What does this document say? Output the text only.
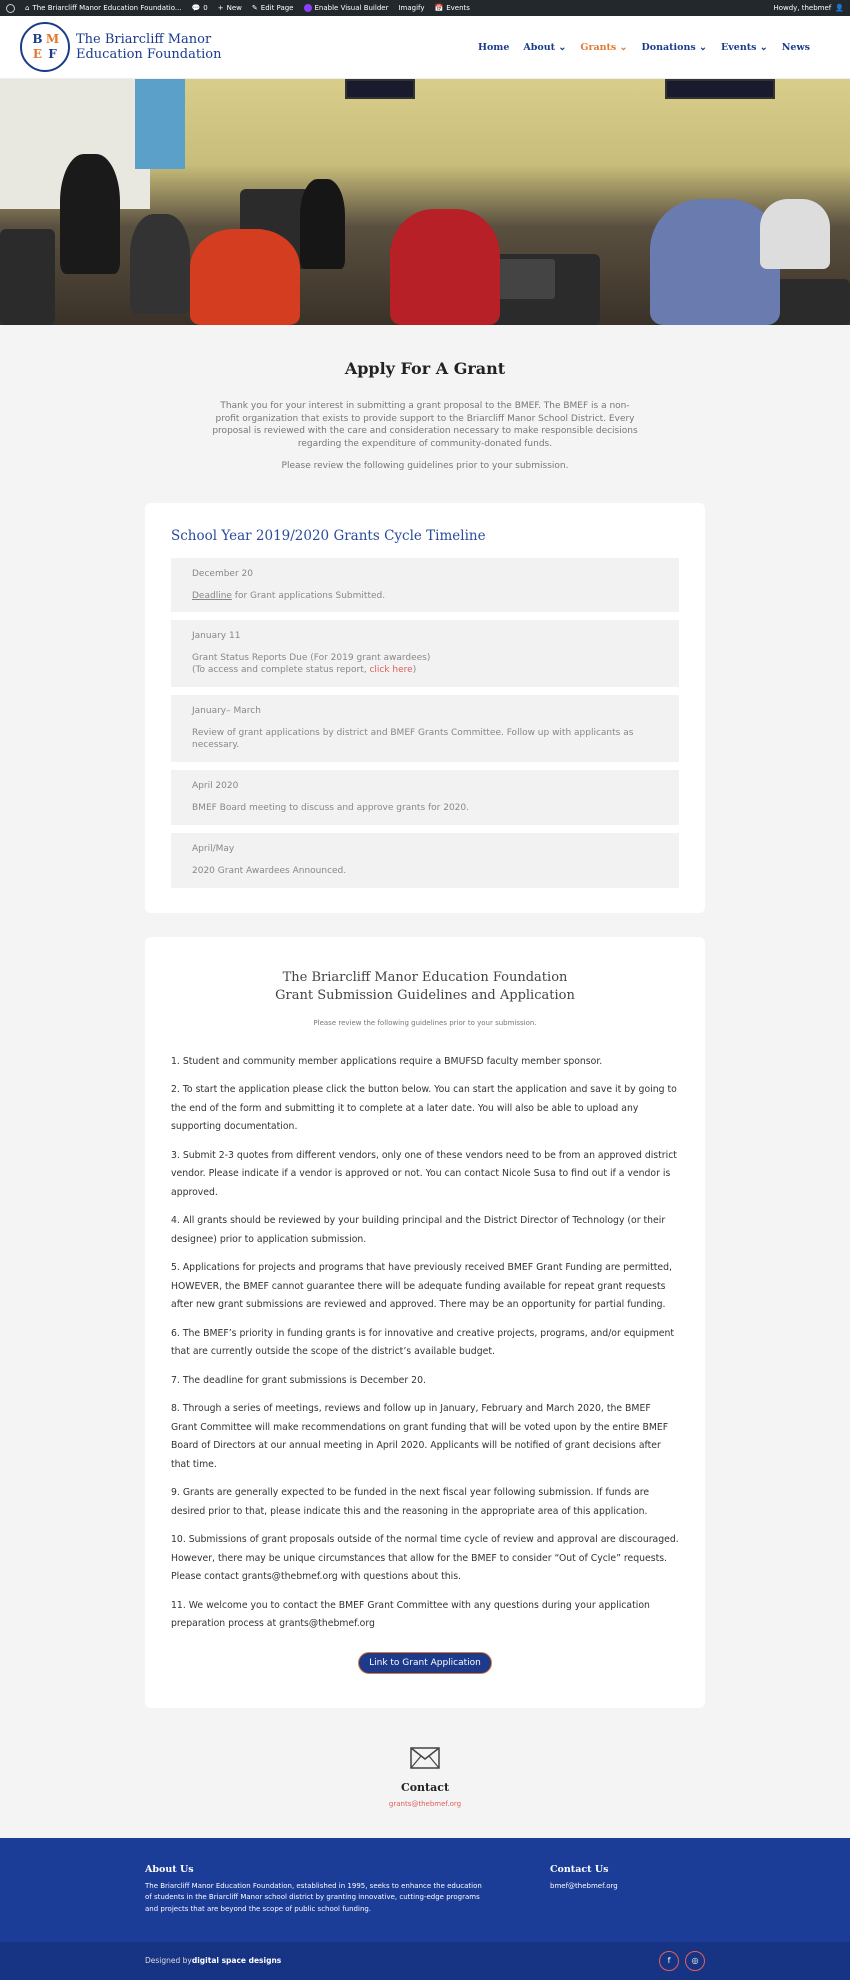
⌂ The Briarcliff Manor Education Foundatio... 💬 0 + New ✎ Edit Page	Enable Visual Builder Imagify 📅 Events	Howdy, thebmef 👤
B M
E F
The Briarcliff Manor
Education Foundation	Home About ⌄ Grants ⌄ Donations ⌄ Events ⌄ News
Apply For A Grant

Thank you for your interest in submitting a grant proposal to the BMEF. The BMEF is a non-profit organization that exists to provide support to the Briarcliff Manor School District. Every proposal is reviewed with the care and consideration necessary to make responsible decisions regarding the expenditure of community-donated funds.

Please review the following guidelines prior to your submission.

School Year 2019/2020 Grants Cycle Timeline
December 20
Deadline for Grant applications Submitted.
January 11
Grant Status Reports Due (For 2019 grant awardees)
(To access and complete status report, click here)
January– March
Review of grant applications by district and BMEF Grants Committee. Follow up with applicants as necessary.
April 2020
BMEF Board meeting to discuss and approve grants for 2020.
April/May
2020 Grant Awardees Announced.
The Briarcliff Manor Education Foundation
Grant Submission Guidelines and Application
Please review the following guidelines prior to your submission.
1. Student and community member applications require a BMUFSD faculty member sponsor.
2. To start the application please click the button below. You can start the application and save it by going to the end of the form and submitting it to complete at a later date. You will also be able to upload any supporting documentation.
3. Submit 2-3 quotes from different vendors, only one of these vendors need to be from an approved district vendor. Please indicate if a vendor is approved or not. You can contact Nicole Susa to find out if a vendor is approved.
4. All grants should be reviewed by your building principal and the District Director of Technology (or their designee) prior to application submission.
5. Applications for projects and programs that have previously received BMEF Grant Funding are permitted, HOWEVER, the BMEF cannot guarantee there will be adequate funding available for repeat grant requests after new grant submissions are reviewed and approved. There may be an opportunity for partial funding.
6. The BMEF’s priority in funding grants is for innovative and creative projects, programs, and/or equipment that are currently outside the scope of the district’s available budget.
7. The deadline for grant submissions is December 20.
8. Through a series of meetings, reviews and follow up in January, February and March 2020, the BMEF Grant Committee will make recommendations on grant funding that will be voted upon by the entire BMEF Board of Directors at our annual meeting in April 2020. Applicants will be notified of grant decisions after that time.
9. Grants are generally expected to be funded in the next fiscal year following submission. If funds are desired prior to that, please indicate this and the reasoning in the appropriate area of this application.
10. Submissions of grant proposals outside of the normal time cycle of review and approval are discouraged. However, there may be unique circumstances that allow for the BMEF to consider “Out of Cycle” requests. Please contact grants@thebmef.org with questions about this.
11. We welcome you to contact the BMEF Grant Committee with any questions during your application preparation process at grants@thebmef.org
Link to Grant Application
Contact
grants@thebmef.org
About Us

The Briarcliff Manor Education Foundation, established in 1995, seeks to enhance the education of students in the Briarcliff Manor school district by granting innovative, cutting-edge programs and projects that are beyond the scope of public school funding.

Contact Us

bmef@thebmef.org

Designed by digital space designs	f	◎
